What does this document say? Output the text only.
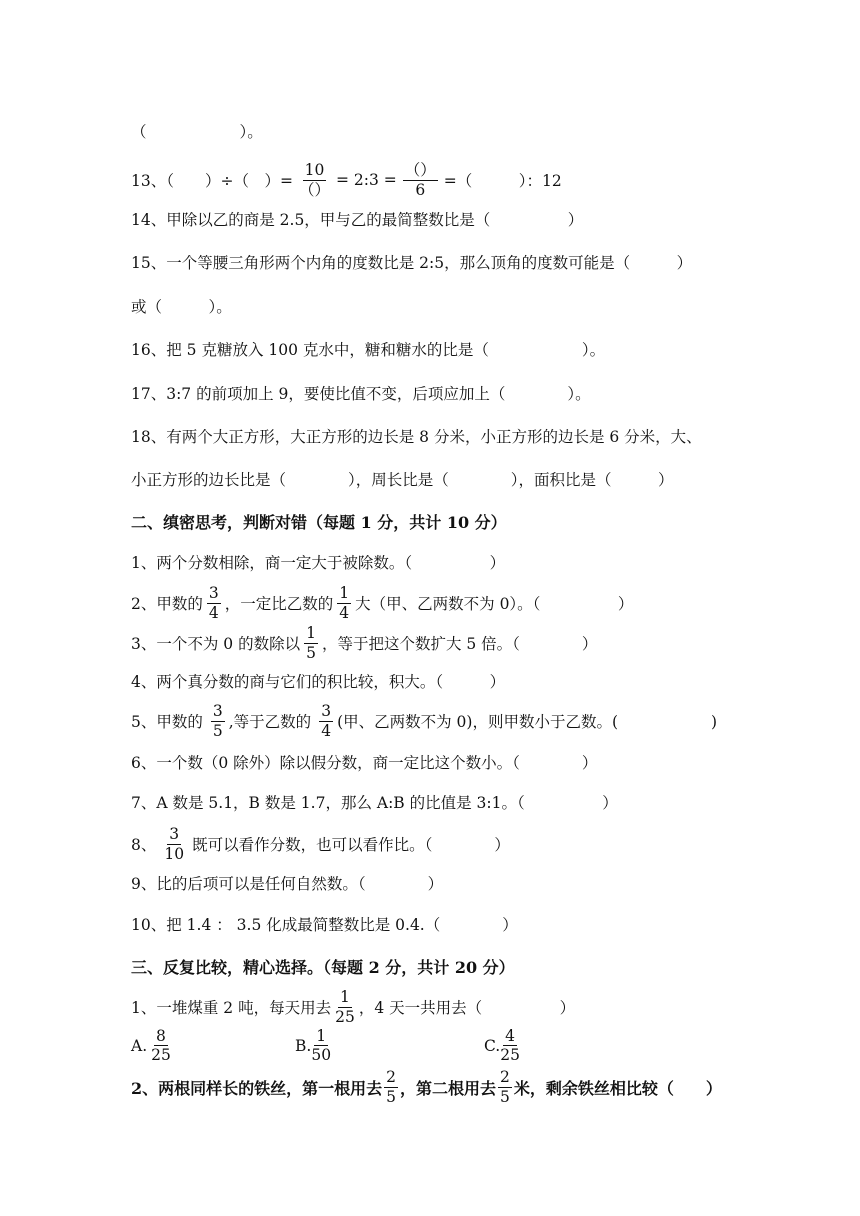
（　　　　　　）。
13、（　　）÷（　）= $\frac{10}{()}$ = 2:3 = $\frac{()}{6}$ =（　　　）：12
14、甲除以乙的商是 2.5，甲与乙的最简整数比是（　　　　　）
15、一个等腰三角形两个内角的度数比是 2:5，那么顶角的度数可能是（　　　）
或（　　　）。
16、把 5 克糖放入 100 克水中，糖和糖水的比是（　　　　　　）。
17、3:7 的前项加上 9，要使比值不变，后项应加上（　　　　）。
18、有两个大正方形，大正方形的边长是 8 分米，小正方形的边长是 6 分米，大、
小正方形的边长比是（　　　　），周长比是（　　　　），面积比是（　　　）
二、缜密思考，判断对错（每题 1 分，共计 10 分）
1、两个分数相除，商一定大于被除数。（　　　　　）
2、甲数的 $\frac{3}{4}$ ，一定比乙数的 $\frac{1}{4}$ 大（甲、乙两数不为 0）。（　　　　　）
3、一个不为 0 的数除以 $\frac{1}{5}$ ，等于把这个数扩大 5 倍。（　　　　）
4、两个真分数的商与它们的积比较，积大。（　　　）
5、甲数的 $\frac{3}{5}$ ,等于乙数的 $\frac{3}{4}$ (甲、乙两数不为 0)，则甲数小于乙数。(　　　　　　)
6、一个数（0 除外）除以假分数，商一定比这个数小。（　　　　）
7、A 数是 5.1，B 数是 1.7，那么 A:B 的比值是 3:1。（　　　　　）
8、 $\frac{3}{10}$ 既可以看作分数，也可以看作比。（　　　　）
9、比的后项可以是任何自然数。（　　　　）
10、把 1.4 ： 3.5 化成最简整数比是 0.4.（　　　　）
三、反复比较，精心选择。（每题 2 分，共计 20 分）
1、一堆煤重 2 吨，每天用去 $\frac{1}{25}$ ，4 天一共用去（　　　　　）
A. $\frac{8}{25}$	B. $\frac{1}{50}$	C. $\frac{4}{25}$
2、两根同样长的铁丝，第一根用去 $\frac{2}{5}$ ，第二根用去 $\frac{2}{5}$ 米，剩余铁丝相比较（　　）
